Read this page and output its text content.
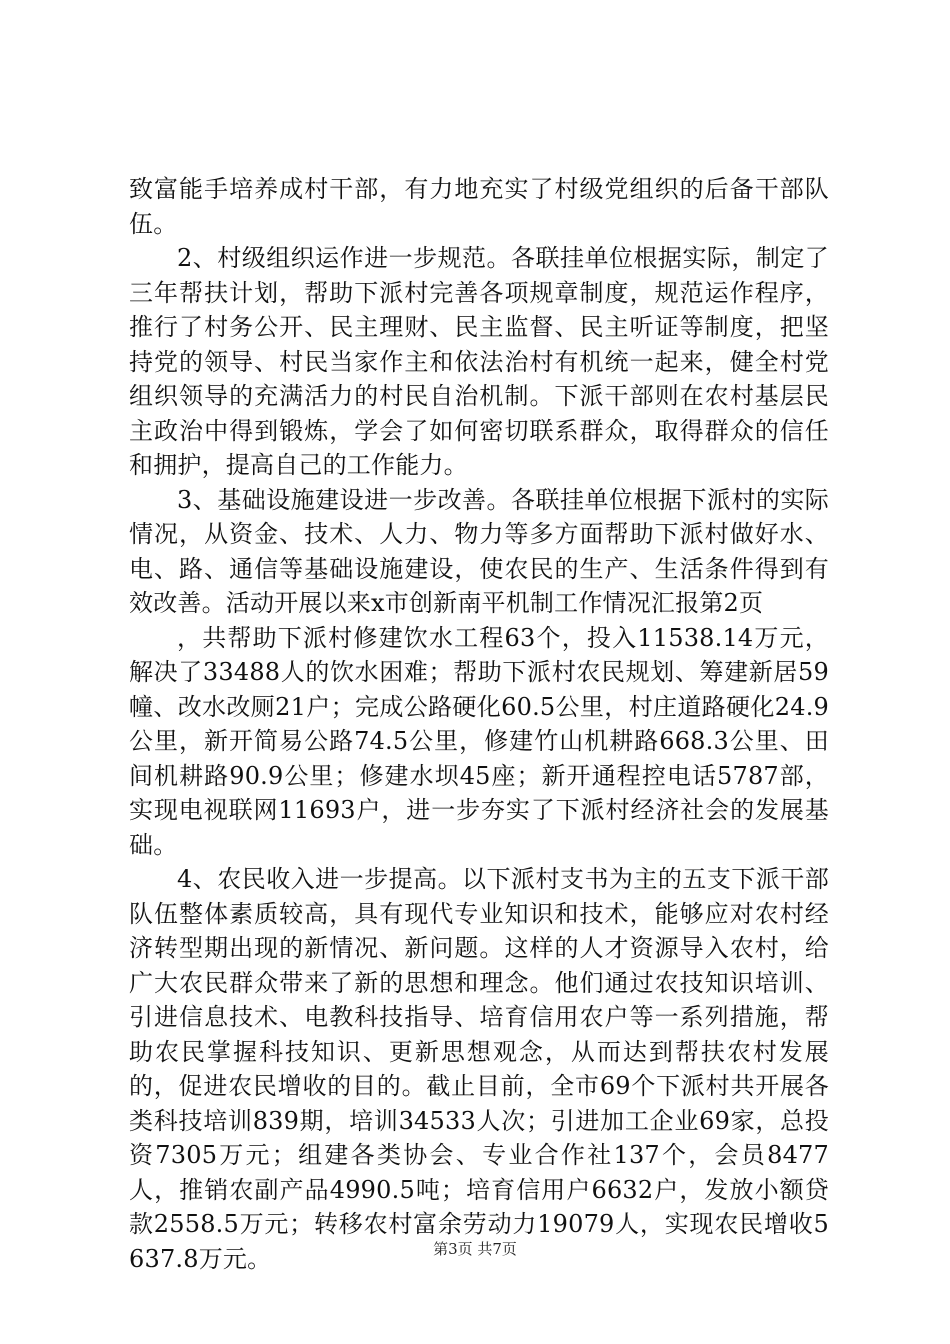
致富能手培养成村干部，有力地充实了村级党组织的后备干部队伍。

2、村级组织运作进一步规范。各联挂单位根据实际，制定了三年帮扶计划，帮助下派村完善各项规章制度，规范运作程序，推行了村务公开、民主理财、民主监督、民主听证等制度，把坚持党的领导、村民当家作主和依法治村有机统一起来，健全村党组织领导的充满活力的村民自治机制。下派干部则在农村基层民主政治中得到锻炼，学会了如何密切联系群众，取得群众的信任和拥护，提高自己的工作能力。

3、基础设施建设进一步改善。各联挂单位根据下派村的实际情况，从资金、技术、人力、物力等多方面帮助下派村做好水、电、路、通信等基础设施建设，使农民的生产、生活条件得到有效改善。活动开展以来x市创新南平机制工作情况汇报第2页

，共帮助下派村修建饮水工程63个，投入11538.14万元，解决了33488人的饮水困难；帮助下派村农民规划、筹建新居59幢、改水改厕21户；完成公路硬化60.5公里，村庄道路硬化24.9公里，新开简易公路74.5公里，修建竹山机耕路668.3公里、田间机耕路90.9公里；修建水坝45座；新开通程控电话5787部，实现电视联网11693户，进一步夯实了下派村经济社会的发展基础。

4、农民收入进一步提高。以下派村支书为主的五支下派干部队伍整体素质较高，具有现代专业知识和技术，能够应对农村经济转型期出现的新情况、新问题。这样的人才资源导入农村，给广大农民群众带来了新的思想和理念。他们通过农技知识培训、引进信息技术、电教科技指导、培育信用农户等一系列措施，帮助农民掌握科技知识、更新思想观念，从而达到帮扶农村发展的，促进农民增收的目的。截止目前，全市69个下派村共开展各类科技培训839期，培训34533人次；引进加工企业69家，总投资7305万元；组建各类协会、专业合作社137个，会员8477人，推销农副产品4990.5吨；培育信用户6632户，发放小额贷款2558.5万元；转移农村富余劳动力19079人，实现农民增收5637.8万元。	第3页 共7页
